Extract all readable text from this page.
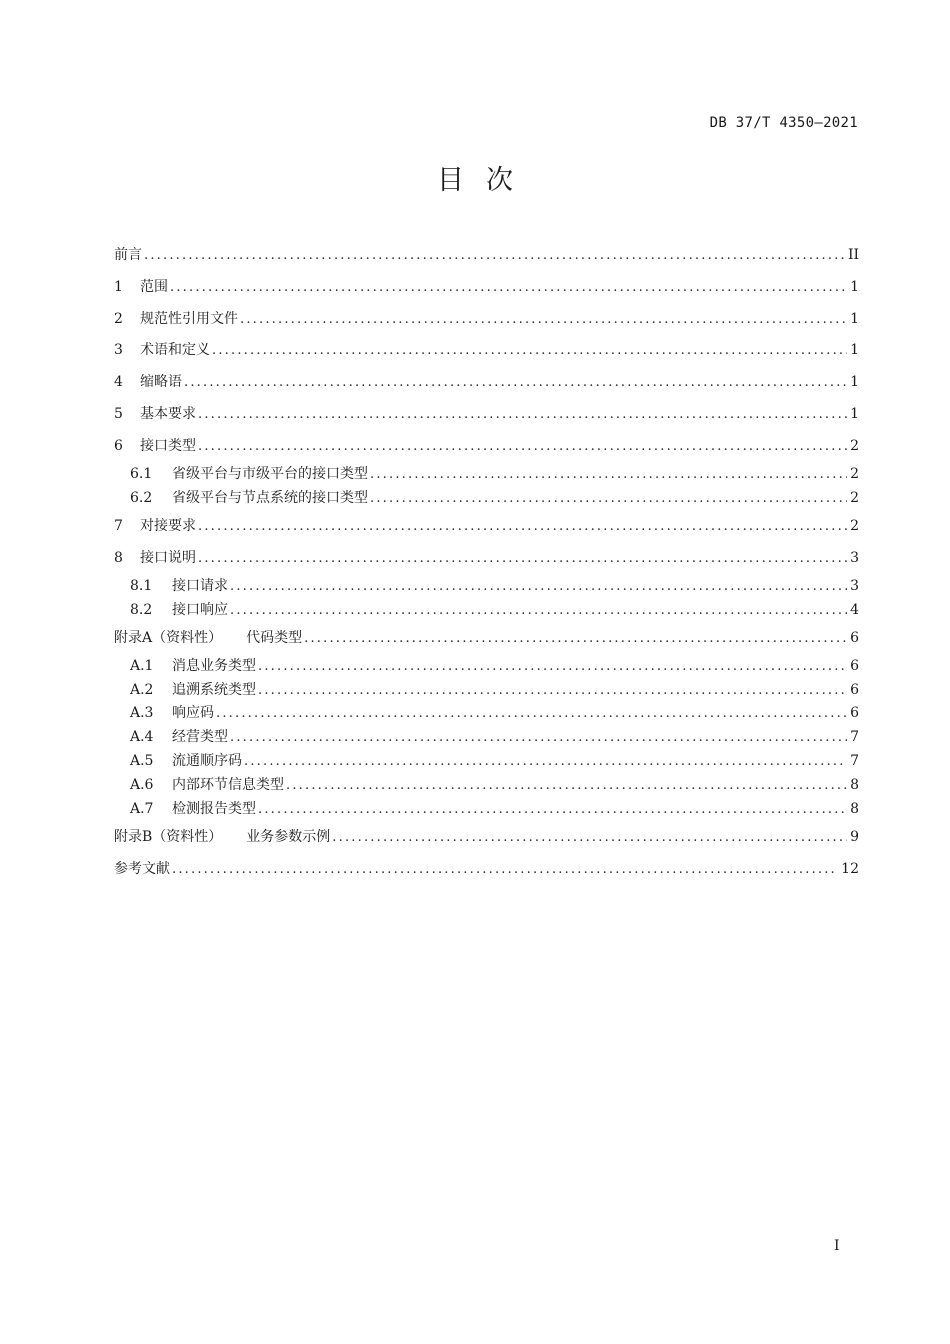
DB 37/T 4350—2021
目次
前言 .....	II
1	范围 .....	1
2	规范性引用文件 .....	1
3	术语和定义 .....	1
4	缩略语 .....	1
5	基本要求 .....	1
6	接口类型 .....	2
6.1	省级平台与市级平台的接口类型 .....	2
6.2	省级平台与节点系统的接口类型 .....	2
7	对接要求 .....	2
8	接口说明 .....	3
8.1	接口请求 .....	3
8.2	接口响应 .....	4
附录A（资料性） 代码类型 .....	6
A.1	消息业务类型 .....	6
A.2	追溯系统类型 .....	6
A.3	响应码 .....	6
A.4	经营类型 .....	7
A.5	流通顺序码 .....	7
A.6	内部环节信息类型 .....	8
A.7	检测报告类型 .....	8
附录B（资料性） 业务参数示例 .....	9
参考文献 .....	12
I
